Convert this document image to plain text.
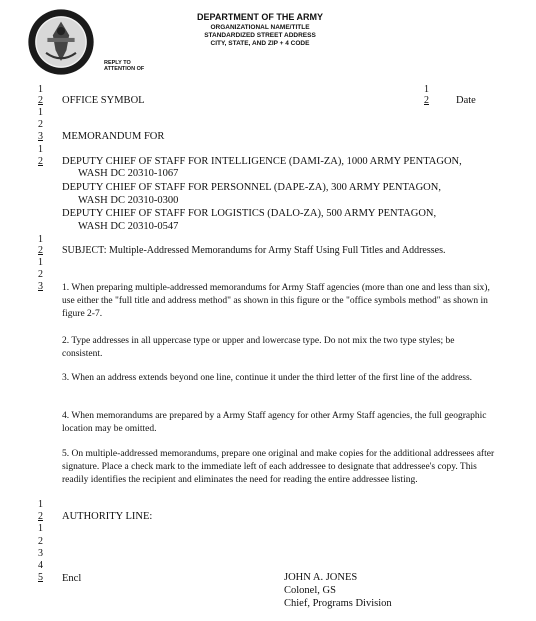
DEPARTMENT OF THE ARMY
ORGANIZATIONAL NAME/TITLE
STANDARDIZED STREET ADDRESS
CITY, STATE, AND ZIP + 4 CODE
REPLY TO
ATTENTION OF
1
2
1
2
3
1
2
1
2
OFFICE SYMBOL	Date
MEMORANDUM FOR
DEPUTY CHIEF OF STAFF FOR INTELLIGENCE (DAMI-ZA), 1000 ARMY PENTAGON,
WASH DC 20310-1067
DEPUTY CHIEF OF STAFF FOR PERSONNEL (DAPE-ZA), 300 ARMY PENTAGON,
WASH DC 20310-0300
DEPUTY CHIEF OF STAFF FOR LOGISTICS (DALO-ZA), 500 ARMY PENTAGON,
WASH DC 20310-0547
1
2
1
2
3
SUBJECT: Multiple-Addressed Memorandums for Army Staff Using Full Titles and Addresses.
1. When preparing multiple-addressed memorandums for Army Staff agencies (more than one and less than six), use either the "full title and address method" as shown in this figure or the "office symbols method" as shown in figure 2-7.
2. Type addresses in all uppercase type or upper and lowercase type. Do not mix the two type styles; be consistent.
3. When an address extends beyond one line, continue it under the third letter of the first line of the address.
4. When memorandums are prepared by a Army Staff agency for other Army Staff agencies, the full geographic location may be omitted.
5. On multiple-addressed memorandums, prepare one original and make copies for the additional addressees after signature. Place a check mark to the immediate left of each addressee to designate that addressee's copy. This readily identifies the recipient and eliminates the need for reading the entire addressee listing.
1
2
1
2
3
4
5
AUTHORITY LINE:
Encl	JOHN A. JONES
Colonel, GS
Chief, Programs Division
